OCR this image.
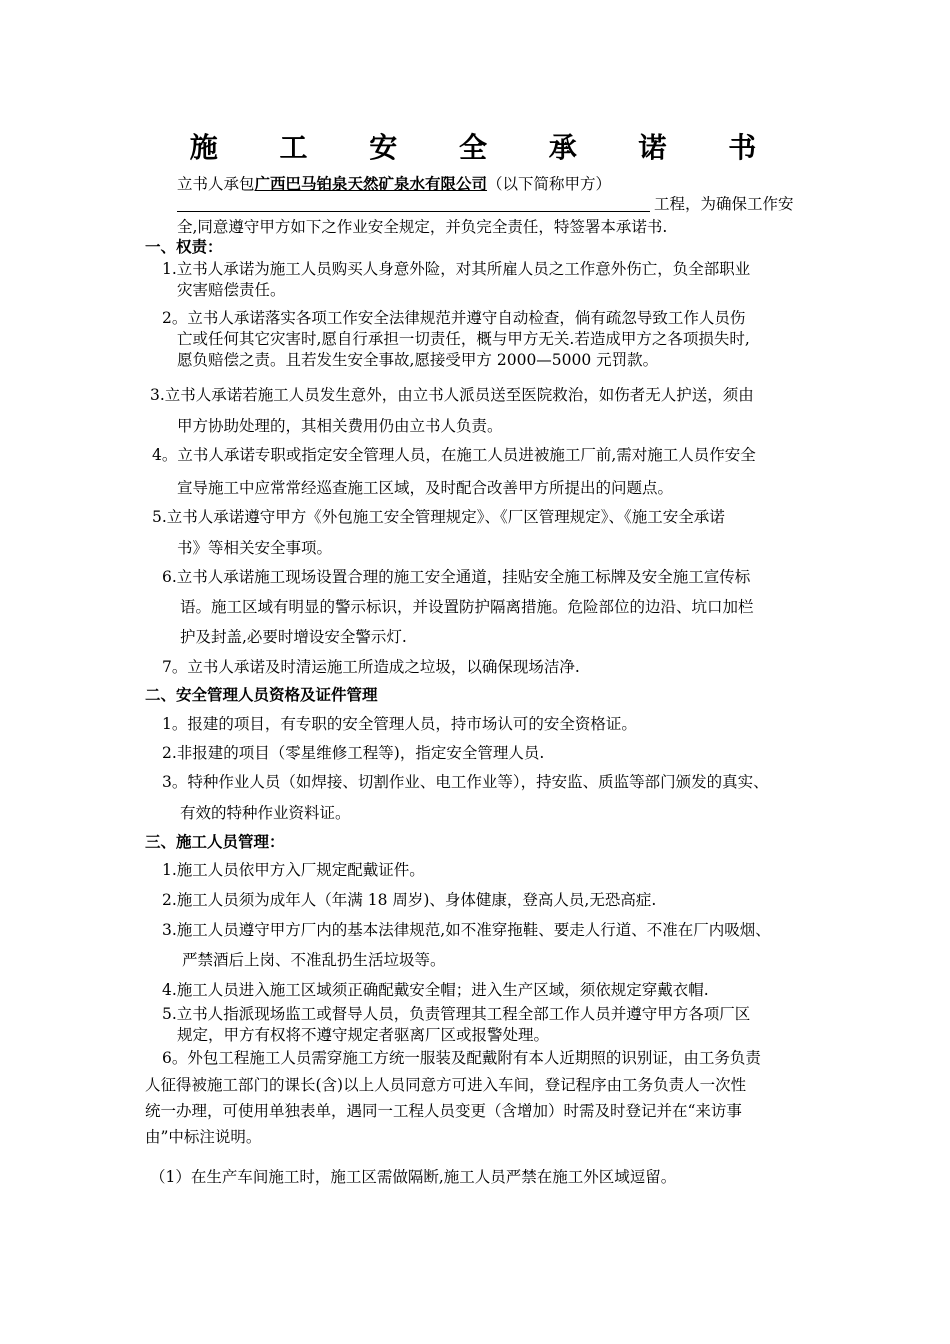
施 工 安 全 承 诺 书
立书人承包广西巴马铂泉天然矿泉水有限公司（以下简称甲方）
工程，为确保工作安
全,同意遵守甲方如下之作业安全规定，并负完全责任，特签署本承诺书.
一、权责：
1.立书人承诺为施工人员购买人身意外险，对其所雇人员之工作意外伤亡，负全部职业
灾害赔偿责任。
2。立书人承诺落实各项工作安全法律规范并遵守自动检查，倘有疏忽导致工作人员伤
亡或任何其它灾害时,愿自行承担一切责任，概与甲方无关.若造成甲方之各项损失时,
愿负赔偿之责。且若发生安全事故,愿接受甲方 2000—5000 元罚款。
3.立书人承诺若施工人员发生意外，由立书人派员送至医院救治，如伤者无人护送，须由
甲方协助处理的，其相关费用仍由立书人负责。
4。立书人承诺专职或指定安全管理人员，在施工人员进被施工厂前,需对施工人员作安全
宣导施工中应常常经巡查施工区域，及时配合改善甲方所提出的问题点。
5.立书人承诺遵守甲方《外包施工安全管理规定》、《厂区管理规定》、《施工安全承诺
书》等相关安全事项。
6.立书人承诺施工现场设置合理的施工安全通道，挂贴安全施工标牌及安全施工宣传标
语。施工区域有明显的警示标识，并设置防护隔离措施。危险部位的边沿、坑口加栏
护及封盖,必要时增设安全警示灯.
7。立书人承诺及时清运施工所造成之垃圾，以确保现场洁净.
二、安全管理人员资格及证件管理
1。报建的项目，有专职的安全管理人员，持市场认可的安全资格证。
2.非报建的项目（零星维修工程等)，指定安全管理人员.
3。特种作业人员（如焊接、切割作业、电工作业等），持安监、质监等部门颁发的真实、
有效的特种作业资料证。
三、施工人员管理：
1.施工人员依甲方入厂规定配戴证件。
2.施工人员须为成年人（年满 18 周岁)、身体健康，登高人员,无恐高症.
3.施工人员遵守甲方厂内的基本法律规范,如不准穿拖鞋、要走人行道、不准在厂内吸烟、
严禁酒后上岗、不准乱扔生活垃圾等。
4.施工人员进入施工区域须正确配戴安全帽；进入生产区域，须依规定穿戴衣帽.
5.立书人指派现场监工或督导人员，负责管理其工程全部工作人员并遵守甲方各项厂区
规定，甲方有权将不遵守规定者驱离厂区或报警处理。
6。外包工程施工人员需穿施工方统一服装及配戴附有本人近期照的识别证，由工务负责
人征得被施工部门的课长(含)以上人员同意方可进入车间，登记程序由工务负责人一次性
统一办理，可使用单独表单，遇同一工程人员变更（含增加）时需及时登记并在“来访事
由”中标注说明。
（1）在生产车间施工时，施工区需做隔断,施工人员严禁在施工外区域逗留。
